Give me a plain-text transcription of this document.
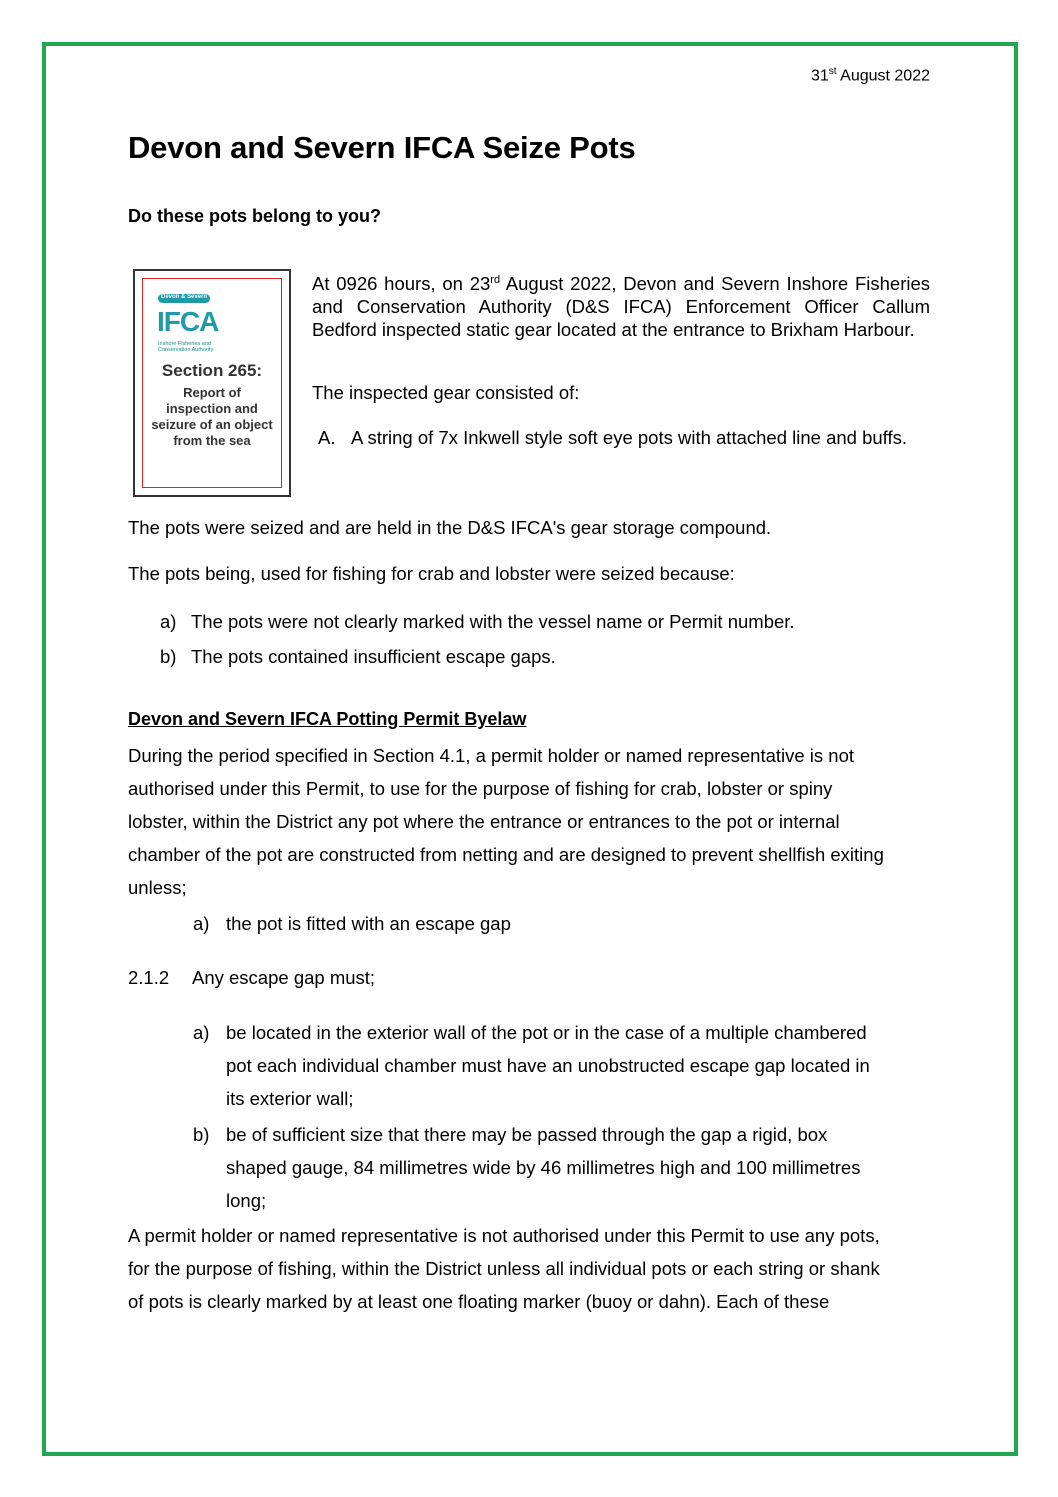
31st August 2022
Devon and Severn IFCA Seize Pots
Do these pots belong to you?
Devon & Severn
IFCA
Inshore Fisheries and Conservation Authority
Section 265:
Report of
inspection and
seizure of an object
from the sea
At 0926 hours, on 23rd August 2022, Devon and Severn Inshore Fisheries and Conservation Authority (D&S IFCA) Enforcement Officer Callum Bedford inspected static gear located at the entrance to Brixham Harbour.
The inspected gear consisted of:
A. A string of 7x Inkwell style soft eye pots with attached line and buffs.
The pots were seized and are held in the D&S IFCA's gear storage compound.
The pots being, used for fishing for crab and lobster were seized because:
a) The pots were not clearly marked with the vessel name or Permit number.
b) The pots contained insufficient escape gaps.
Devon and Severn IFCA Potting Permit Byelaw
During the period specified in Section 4.1, a permit holder or named representative is not
authorised under this Permit, to use for the purpose of fishing for crab, lobster or spiny
lobster, within the District any pot where the entrance or entrances to the pot or internal
chamber of the pot are constructed from netting and are designed to prevent shellfish exiting
unless;
a) the pot is fitted with an escape gap
2.1.2 Any escape gap must;
a) be located in the exterior wall of the pot or in the case of a multiple chambered
pot each individual chamber must have an unobstructed escape gap located in
its exterior wall;
b) be of sufficient size that there may be passed through the gap a rigid, box
shaped gauge, 84 millimetres wide by 46 millimetres high and 100 millimetres
long;
A permit holder or named representative is not authorised under this Permit to use any pots,
for the purpose of fishing, within the District unless all individual pots or each string or shank
of pots is clearly marked by at least one floating marker (buoy or dahn). Each of these
